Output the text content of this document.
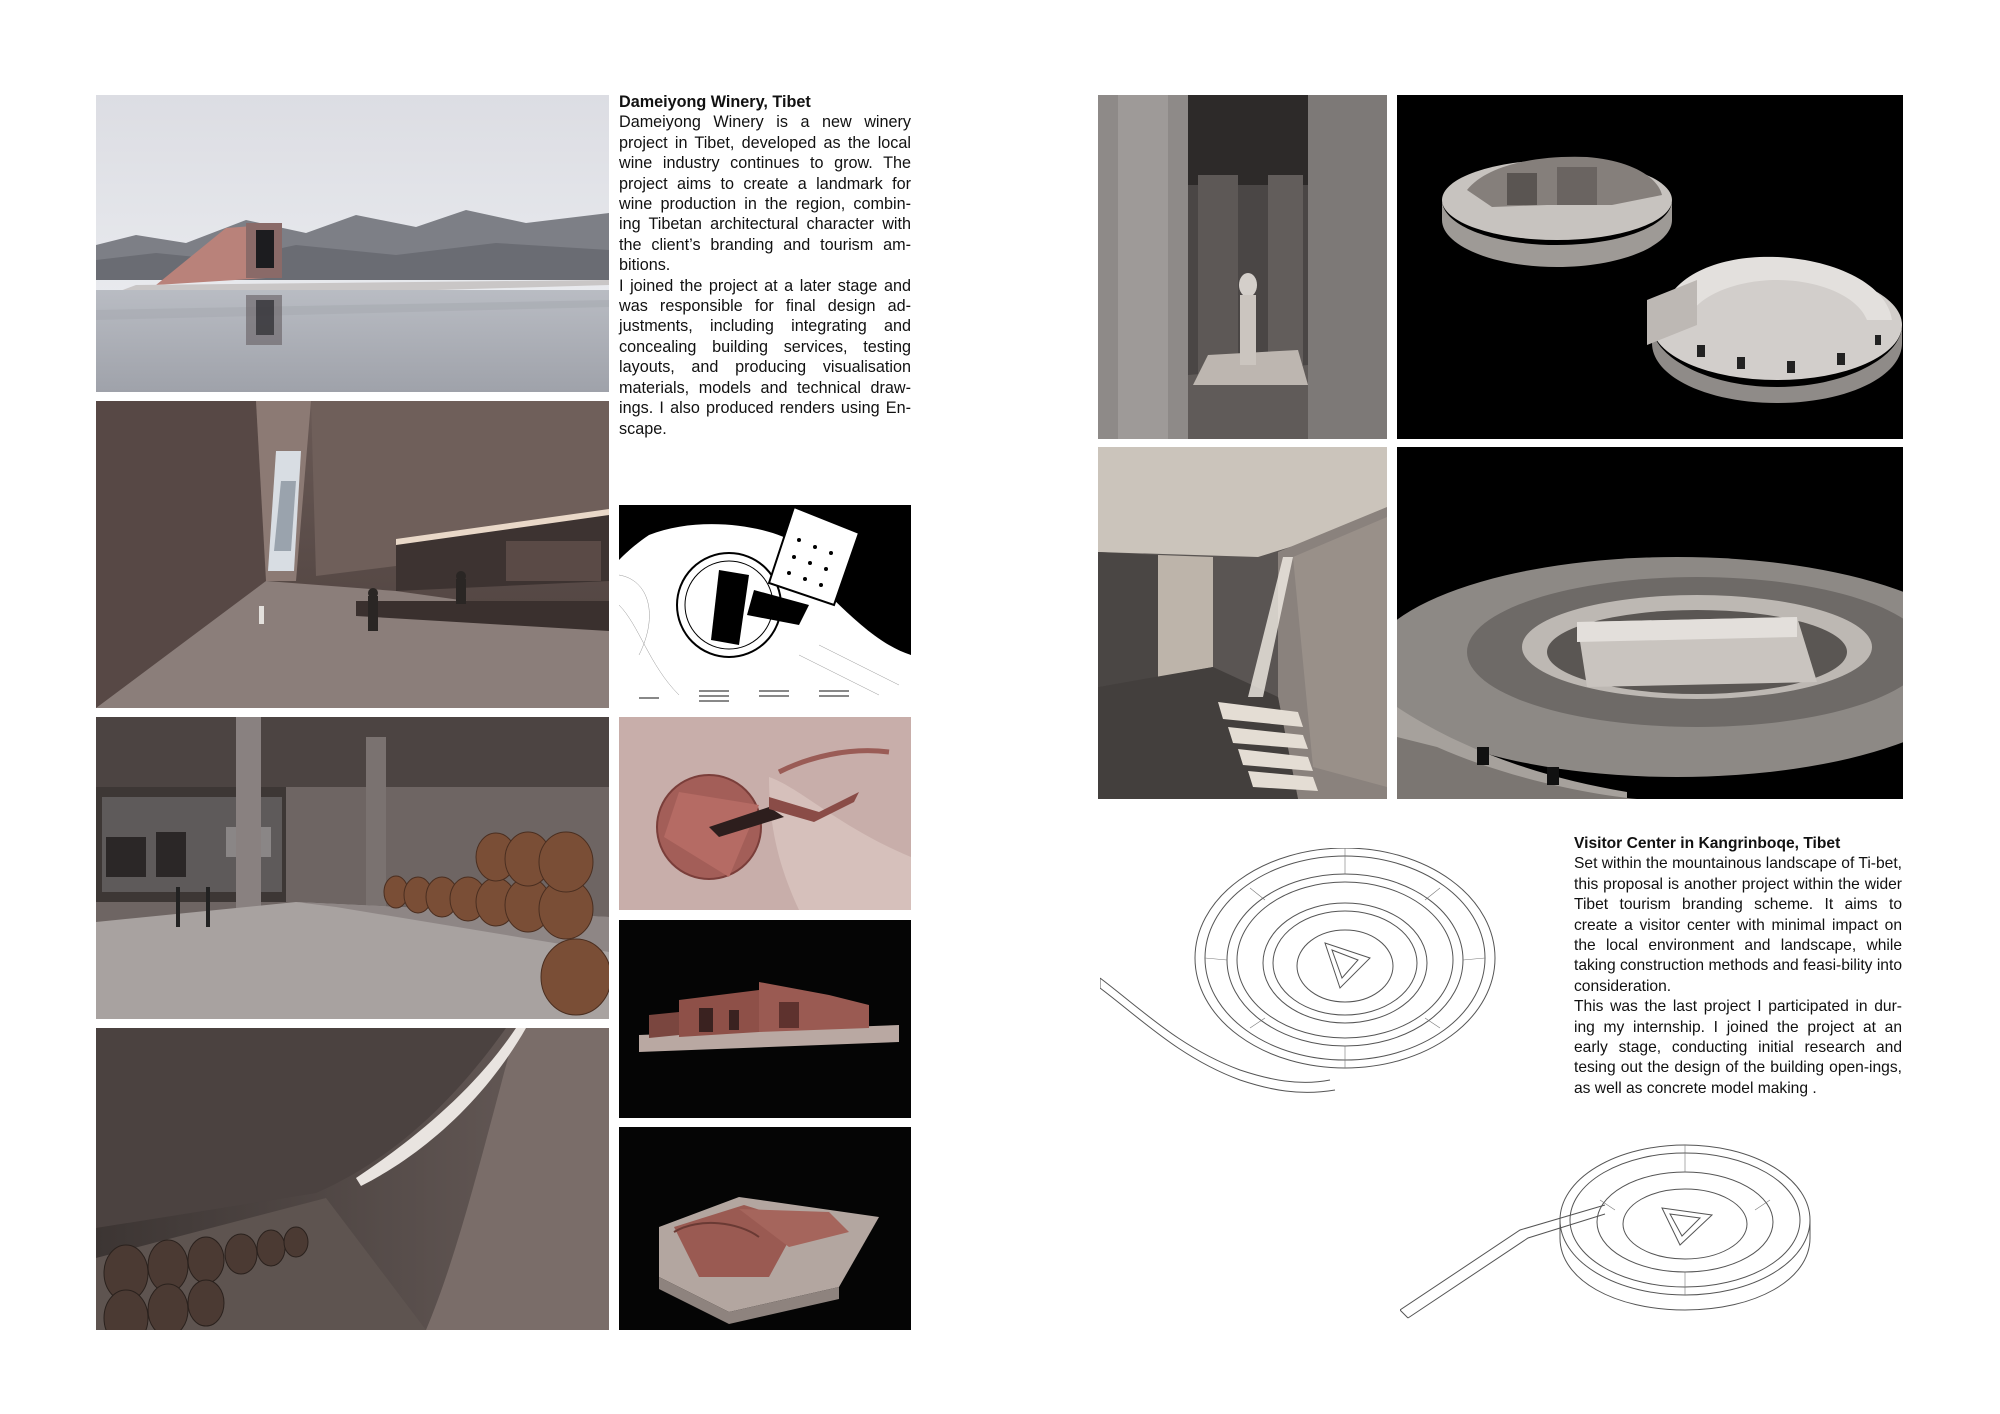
Dameiyong Winery, Tibet

Dameiyong Winery is a new winery project in Tibet, developed as the local wine industry continues to grow. The project aims to create a landmark for wine production in the region, combin-ing Tibetan architectural character with the client’s branding and tourism am-bitions.

I joined the project at a later stage and was responsible for final design ad-justments, including integrating and concealing building services, testing layouts, and producing visualisation materials, models and technical draw-ings. I also produced renders using En-scape.

Visitor Center in Kangrinboqe, Tibet

Set within the mountainous landscape of Ti-bet, this proposal is another project within the wider Tibet tourism branding scheme. It aims to create a visitor center with minimal impact on the local environment and landscape, while taking construction methods and feasi-bility into consideration.

This was the last project I participated in dur-ing my internship. I joined the project at an early stage, conducting initial research and tesing out the design of the building open-ings, as well as concrete model making .
